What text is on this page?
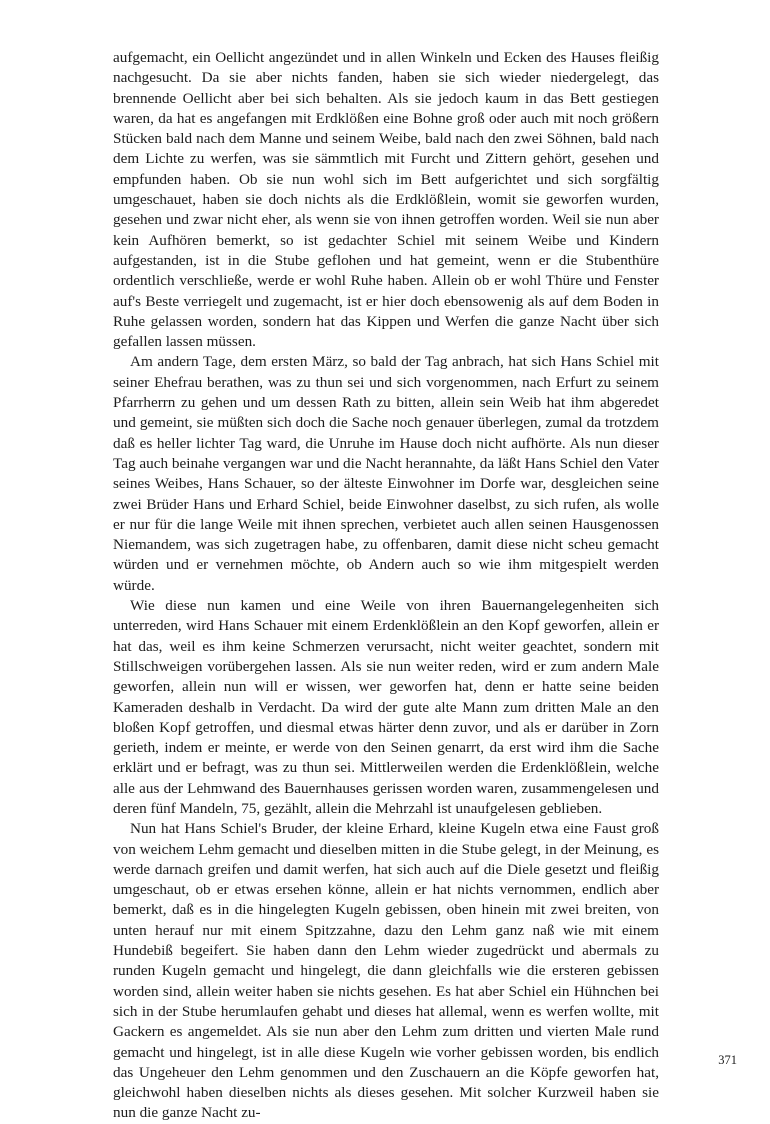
aufgemacht, ein Oellicht angezündet und in allen Winkeln und Ecken des Hauses fleißig nachgesucht. Da sie aber nichts fanden, haben sie sich wieder niedergelegt, das brennende Oellicht aber bei sich behalten. Als sie jedoch kaum in das Bett gestiegen waren, da hat es angefangen mit Erdklößen eine Bohne groß oder auch mit noch größern Stücken bald nach dem Manne und seinem Weibe, bald nach den zwei Söhnen, bald nach dem Lichte zu werfen, was sie sämmtlich mit Furcht und Zittern gehört, gesehen und empfunden haben. Ob sie nun wohl sich im Bett aufgerichtet und sich sorgfältig umgeschauet, haben sie doch nichts als die Erdklößlein, womit sie geworfen wurden, gesehen und zwar nicht eher, als wenn sie von ihnen getroffen worden. Weil sie nun aber kein Aufhören bemerkt, so ist gedachter Schiel mit seinem Weibe und Kindern aufgestanden, ist in die Stube geflohen und hat gemeint, wenn er die Stubenthüre ordentlich verschließe, werde er wohl Ruhe haben. Allein ob er wohl Thüre und Fenster auf's Beste verriegelt und zugemacht, ist er hier doch ebensowenig als auf dem Boden in Ruhe gelassen worden, sondern hat das Kippen und Werfen die ganze Nacht über sich gefallen lassen müssen.

Am andern Tage, dem ersten März, so bald der Tag anbrach, hat sich Hans Schiel mit seiner Ehefrau berathen, was zu thun sei und sich vorgenommen, nach Erfurt zu seinem Pfarrherrn zu gehen und um dessen Rath zu bitten, allein sein Weib hat ihm abgeredet und gemeint, sie müßten sich doch die Sache noch genauer überlegen, zumal da trotzdem daß es heller lichter Tag ward, die Unruhe im Hause doch nicht aufhörte. Als nun dieser Tag auch beinahe vergangen war und die Nacht herannahte, da läßt Hans Schiel den Vater seines Weibes, Hans Schauer, so der älteste Einwohner im Dorfe war, desgleichen seine zwei Brüder Hans und Erhard Schiel, beide Einwohner daselbst, zu sich rufen, als wolle er nur für die lange Weile mit ihnen sprechen, verbietet auch allen seinen Hausgenossen Niemandem, was sich zugetragen habe, zu offenbaren, damit diese nicht scheu gemacht würden und er vernehmen möchte, ob Andern auch so wie ihm mitgespielt werden würde.

Wie diese nun kamen und eine Weile von ihren Bauernangelegenheiten sich unterreden, wird Hans Schauer mit einem Erdenklößlein an den Kopf geworfen, allein er hat das, weil es ihm keine Schmerzen verursacht, nicht weiter geachtet, sondern mit Stillschweigen vorübergehen lassen. Als sie nun weiter reden, wird er zum andern Male geworfen, allein nun will er wissen, wer geworfen hat, denn er hatte seine beiden Kameraden deshalb in Verdacht. Da wird der gute alte Mann zum dritten Male an den bloßen Kopf getroffen, und diesmal etwas härter denn zuvor, und als er darüber in Zorn gerieth, indem er meinte, er werde von den Seinen genarrt, da erst wird ihm die Sache erklärt und er befragt, was zu thun sei. Mittlerweilen werden die Erdenklößlein, welche alle aus der Lehmwand des Bauernhauses gerissen worden waren, zusammengelesen und deren fünf Mandeln, 75, gezählt, allein die Mehrzahl ist unaufgelesen geblieben.

Nun hat Hans Schiel's Bruder, der kleine Erhard, kleine Kugeln etwa eine Faust groß von weichem Lehm gemacht und dieselben mitten in die Stube gelegt, in der Meinung, es werde darnach greifen und damit werfen, hat sich auch auf die Diele gesetzt und fleißig umgeschaut, ob er etwas ersehen könne, allein er hat nichts vernommen, endlich aber bemerkt, daß es in die hingelegten Kugeln gebissen, oben hinein mit zwei breiten, von unten herauf nur mit einem Spitzzahne, dazu den Lehm ganz naß wie mit einem Hundebiß begeifert. Sie haben dann den Lehm wieder zugedrückt und abermals zu runden Kugeln gemacht und hingelegt, die dann gleichfalls wie die ersteren gebissen worden sind, allein weiter haben sie nichts gesehen. Es hat aber Schiel ein Hühnchen bei sich in der Stube herumlaufen gehabt und dieses hat allemal, wenn es werfen wollte, mit Gackern es angemeldet. Als sie nun aber den Lehm zum dritten und vierten Male rund gemacht und hingelegt, ist in alle diese Kugeln wie vorher gebissen worden, bis endlich das Ungeheuer den Lehm genommen und den Zuschauern an die Köpfe geworfen hat, gleichwohl haben dieselben nichts als dieses gesehen. Mit solcher Kurzweil haben sie nun die ganze Nacht zu-

371
